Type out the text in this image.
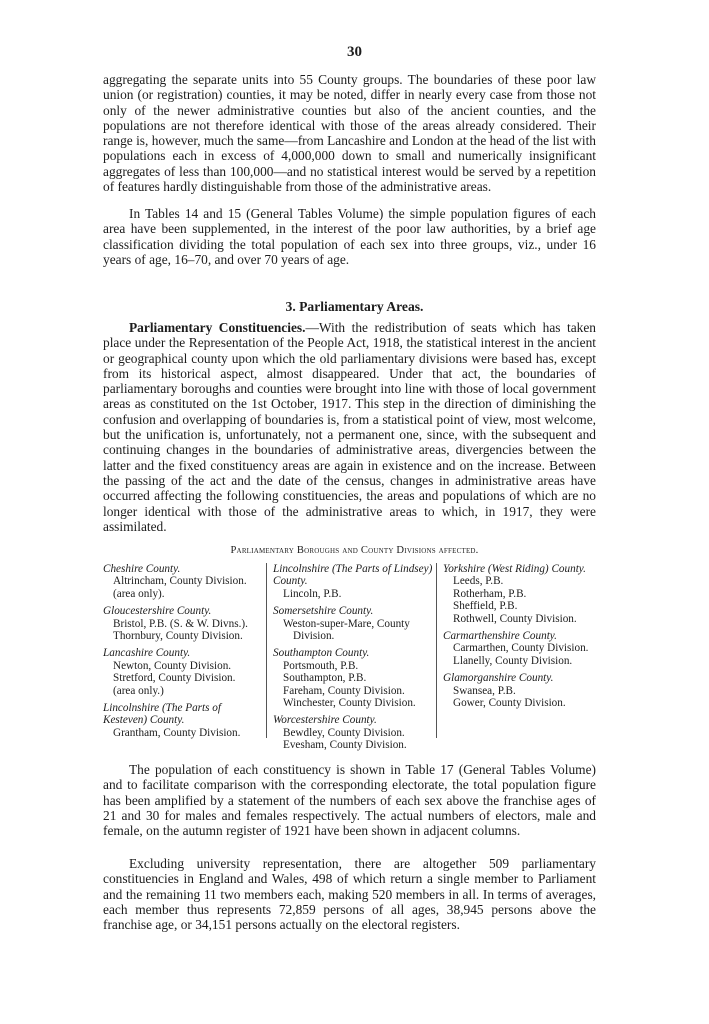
30

aggregating the separate units into 55 County groups. The boundaries of these poor law union (or registration) counties, it may be noted, differ in nearly every case from those not only of the newer administrative counties but also of the ancient counties, and the populations are not therefore identical with those of the areas already considered. Their range is, however, much the same—from Lancashire and London at the head of the list with populations each in excess of 4,000,000 down to small and numerically insignificant aggregates of less than 100,000—and no statistical interest would be served by a repetition of features hardly distinguishable from those of the administrative areas.

In Tables 14 and 15 (General Tables Volume) the simple population figures of each area have been supplemented, in the interest of the poor law authorities, by a brief age classification dividing the total population of each sex into three groups, viz., under 16 years of age, 16–70, and over 70 years of age.

3. Parliamentary Areas.

Parliamentary Constituencies.—With the redistribution of seats which has taken place under the Representation of the People Act, 1918, the statistical interest in the ancient or geographical county upon which the old parliamentary divisions were based has, except from its historical aspect, almost disappeared. Under that act, the boundaries of parliamentary boroughs and counties were brought into line with those of local government areas as constituted on the 1st October, 1917. This step in the direction of diminishing the confusion and overlapping of boundaries is, from a statistical point of view, most welcome, but the unification is, unfortunately, not a permanent one, since, with the subsequent and continuing changes in the boundaries of administrative areas, divergencies between the latter and the fixed constituency areas are again in existence and on the increase. Between the passing of the act and the date of the census, changes in administrative areas have occurred affecting the following constituencies, the areas and populations of which are no longer identical with those of the administrative areas to which, in 1917, they were assimilated.

Parliamentary Boroughs and County Divisions affected.
Cheshire County.
Altrincham, County Division.
(area only).
Gloucestershire County.
Bristol, P.B. (S. & W. Divns.).
Thornbury, County Division.
Lancashire County.
Newton, County Division.
Stretford, County Division.
(area only.)
Lincolnshire (The Parts of Kesteven) County.
Grantham, County Division.
Lincolnshire (The Parts of Lindsey) County.
Lincoln, P.B.
Somersetshire County.
Weston-super-Mare, County Division.
Southampton County.
Portsmouth, P.B.
Southampton, P.B.
Fareham, County Division.
Winchester, County Division.
Worcestershire County.
Bewdley, County Division.
Evesham, County Division.
Yorkshire (West Riding) County.
Leeds, P.B.
Rotherham, P.B.
Sheffield, P.B.
Rothwell, County Division.
Carmarthenshire County.
Carmarthen, County Division.
Llanelly, County Division.
Glamorganshire County.
Swansea, P.B.
Gower, County Division.

The population of each constituency is shown in Table 17 (General Tables Volume) and to facilitate comparison with the corresponding electorate, the total population figure has been amplified by a statement of the numbers of each sex above the franchise ages of 21 and 30 for males and females respectively. The actual numbers of electors, male and female, on the autumn register of 1921 have been shown in adjacent columns.

Excluding university representation, there are altogether 509 parliamentary constituencies in England and Wales, 498 of which return a single member to Parliament and the remaining 11 two members each, making 520 members in all. In terms of averages, each member thus represents 72,859 persons of all ages, 38,945 persons above the franchise age, or 34,151 persons actually on the electoral registers.
